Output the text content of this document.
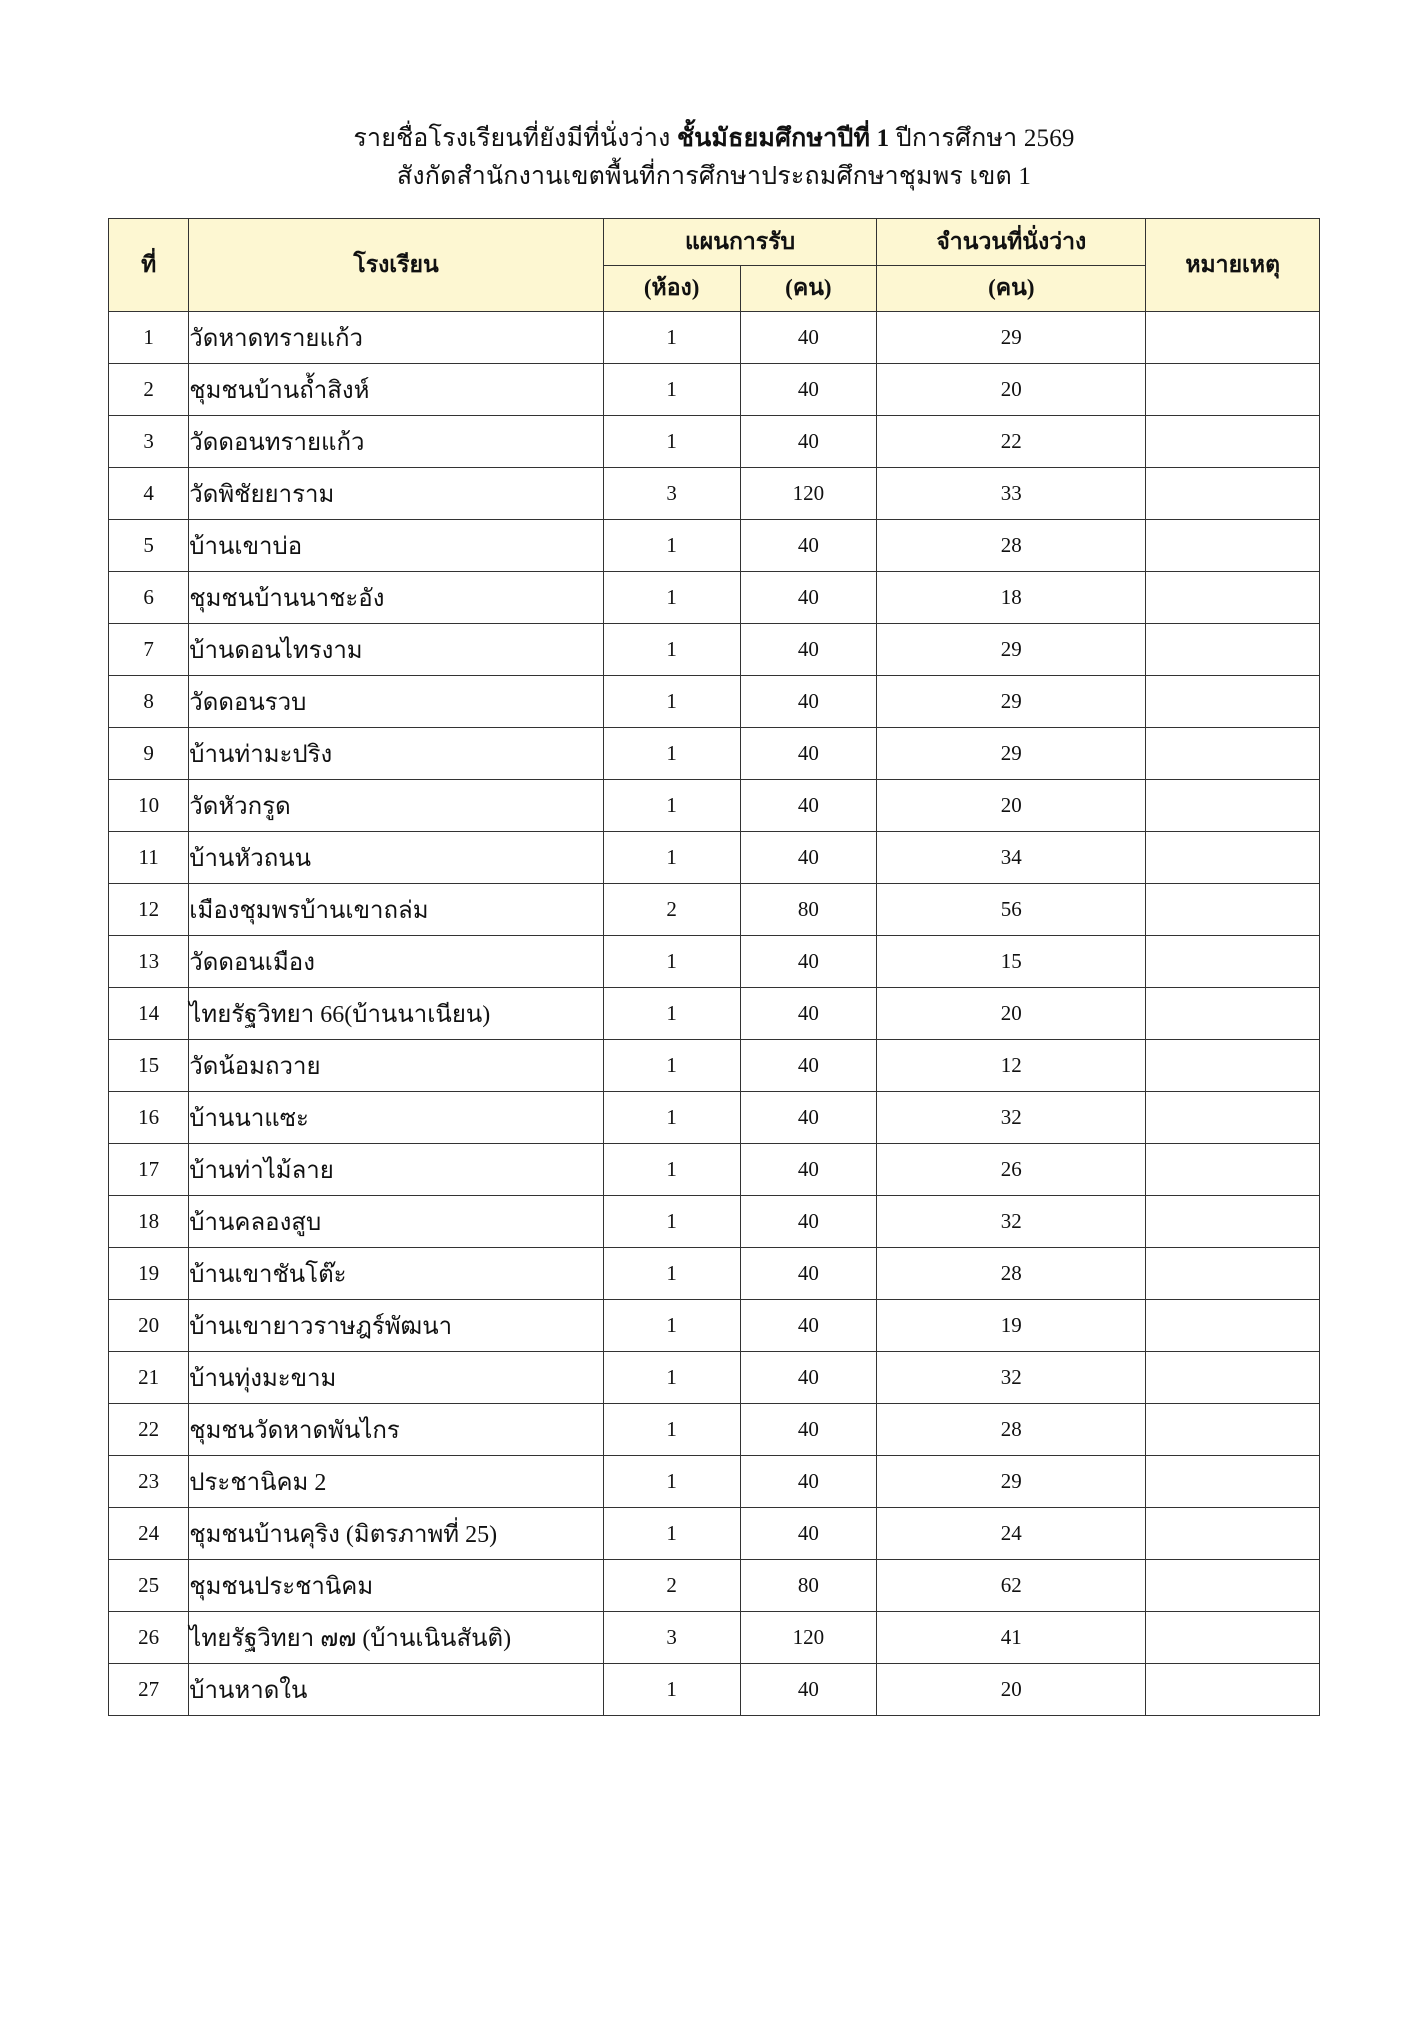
รายชื่อโรงเรียนที่ยังมีที่นั่งว่าง ชั้นมัธยมศึกษาปีที่ 1 ปีการศึกษา 2569
สังกัดสำนักงานเขตพื้นที่การศึกษาประถมศึกษาชุมพร เขต 1
ที่	โรงเรียน	แผนการรับ		จำนวนที่นั่งว่าง	หมายเหตุ
		(ห้อง)	(คน)	(คน)	
1	วัดหาดทรายแก้ว	1	40	29	
2	ชุมชนบ้านถ้ำสิงห์	1	40	20	
3	วัดดอนทรายแก้ว	1	40	22	
4	วัดพิชัยยาราม	3	120	33	
5	บ้านเขาบ่อ	1	40	28	
6	ชุมชนบ้านนาชะอัง	1	40	18	
7	บ้านดอนไทรงาม	1	40	29	
8	วัดดอนรวบ	1	40	29	
9	บ้านท่ามะปริง	1	40	29	
10	วัดหัวกรูด	1	40	20	
11	บ้านหัวถนน	1	40	34	
12	เมืองชุมพรบ้านเขาถล่ม	2	80	56	
13	วัดดอนเมือง	1	40	15	
14	ไทยรัฐวิทยา 66(บ้านนาเนียน)	1	40	20	
15	วัดน้อมถวาย	1	40	12	
16	บ้านนาแซะ	1	40	32	
17	บ้านท่าไม้ลาย	1	40	26	
18	บ้านคลองสูบ	1	40	32	
19	บ้านเขาชันโต๊ะ	1	40	28	
20	บ้านเขายาวราษฎร์พัฒนา	1	40	19	
21	บ้านทุ่งมะขาม	1	40	32	
22	ชุมชนวัดหาดพันไกร	1	40	28	
23	ประชานิคม 2	1	40	29	
24	ชุมชนบ้านคุริง (มิตรภาพที่ 25)	1	40	24	
25	ชุมชนประชานิคม	2	80	62	
26	ไทยรัฐวิทยา ๗๗ (บ้านเนินสันติ)	3	120	41	
27	บ้านหาดใน	1	40	20	
